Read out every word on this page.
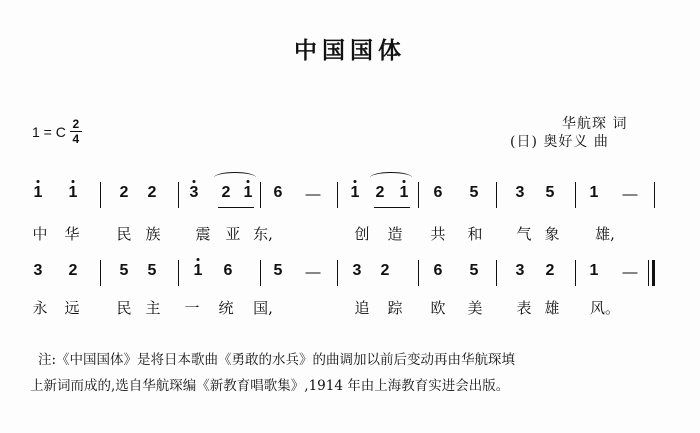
中国国体
1 = C $\frac{2}{4}$	华航琛 词
(日) 奥好义 曲
1 1	2 2 3 2 1 6	1 2 1 6 5 3 5 1
—	—
中 华 民 族 震 亚 东,	创 造 共 和 气 象 雄,
3 2	5 5 1 6	5	3 2	6 5 3 2 1
—	—
永 远 民 主 一 统 国,	追 踪 欧 美 表 雄 风。
注:《中国国体》是将日本歌曲《勇敢的水兵》的曲调加以前后变动再由华航琛填
上新词而成的,选自华航琛编《新教育唱歌集》,1914 年由上海教育实进会出版。
